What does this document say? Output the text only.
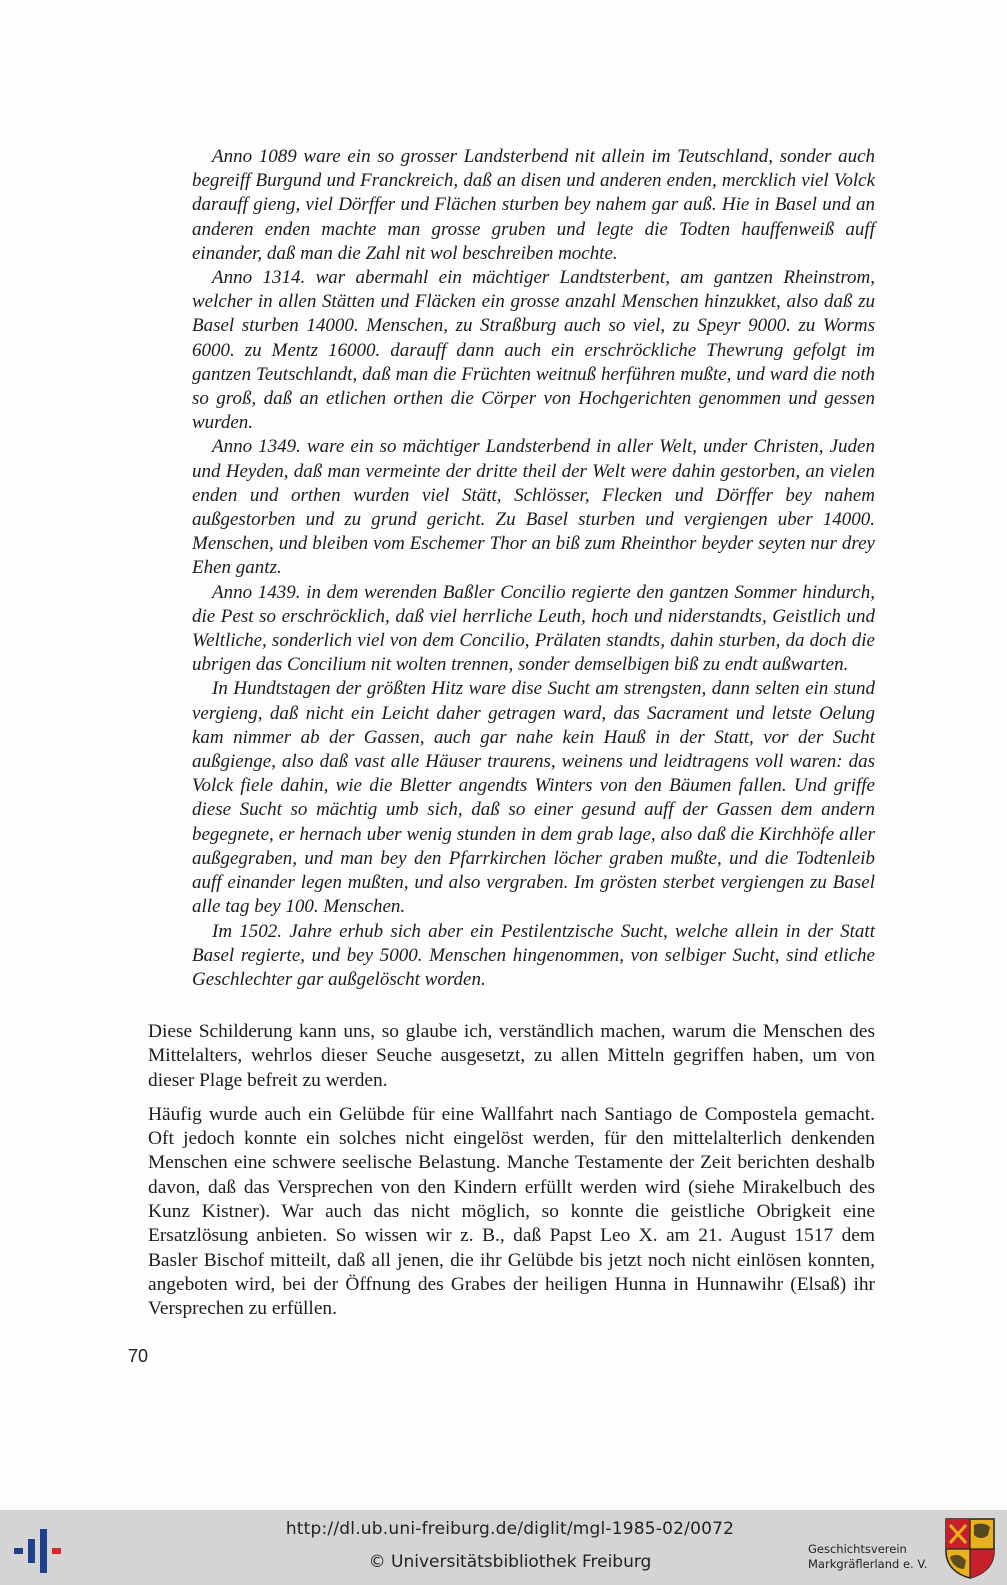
Anno 1089 ware ein so grosser Landsterbend nit allein im Teutschland, sonder auch begreiff Burgund und Franckreich, daß an disen und anderen enden, mercklich viel Volck darauff gieng, viel Dörffer und Flächen sturben bey nahem gar auß. Hie in Basel und an anderen enden machte man grosse gruben und legte die Todten hauffenweiß auff einander, daß man die Zahl nit wol beschreiben mochte.

Anno 1314. war abermahl ein mächtiger Landtsterbent, am gantzen Rheinstrom, welcher in allen Stätten und Fläcken ein grosse anzahl Menschen hinzukket, also daß zu Basel sturben 14000. Menschen, zu Straßburg auch so viel, zu Speyr 9000. zu Worms 6000. zu Mentz 16000. darauff dann auch ein erschröckliche Thewrung gefolgt im gantzen Teutschlandt, daß man die Früchten weitnuß herführen mußte, und ward die noth so groß, daß an etlichen orthen die Cörper von Hochgerichten genommen und gessen wurden.

Anno 1349. ware ein so mächtiger Landsterbend in aller Welt, under Christen, Juden und Heyden, daß man vermeinte der dritte theil der Welt were dahin gestorben, an vielen enden und orthen wurden viel Stätt, Schlösser, Flecken und Dörffer bey nahem außgestorben und zu grund gericht. Zu Basel sturben und vergiengen uber 14000. Menschen, und bleiben vom Eschemer Thor an biß zum Rheinthor beyder seyten nur drey Ehen gantz.

Anno 1439. in dem werenden Baßler Concilio regierte den gantzen Sommer hindurch, die Pest so erschröcklich, daß viel herrliche Leuth, hoch und niderstandts, Geistlich und Weltliche, sonderlich viel von dem Concilio, Prälaten standts, dahin sturben, da doch die ubrigen das Concilium nit wolten trennen, sonder demselbigen biß zu endt außwarten.

In Hundtstagen der größten Hitz ware dise Sucht am strengsten, dann selten ein stund vergieng, daß nicht ein Leicht daher getragen ward, das Sacrament und letste Oelung kam nimmer ab der Gassen, auch gar nahe kein Hauß in der Statt, vor der Sucht außgienge, also daß vast alle Häuser traurens, weinens und leidtragens voll waren: das Volck fiele dahin, wie die Bletter angendts Winters von den Bäumen fallen. Und griffe diese Sucht so mächtig umb sich, daß so einer gesund auff der Gassen dem andern begegnete, er hernach uber wenig stunden in dem grab lage, also daß die Kirchhöfe aller außgegraben, und man bey den Pfarrkirchen löcher graben mußte, und die Todtenleib auff einander legen mußten, und also vergraben. Im grösten sterbet vergiengen zu Basel alle tag bey 100. Menschen.

Im 1502. Jahre erhub sich aber ein Pestilentzische Sucht, welche allein in der Statt Basel regierte, und bey 5000. Menschen hingenommen, von selbiger Sucht, sind etliche Geschlechter gar außgelöscht worden.

Diese Schilderung kann uns, so glaube ich, verständlich machen, warum die Menschen des Mittelalters, wehrlos dieser Seuche ausgesetzt, zu allen Mitteln gegriffen haben, um von dieser Plage befreit zu werden.

Häufig wurde auch ein Gelübde für eine Wallfahrt nach Santiago de Compostela gemacht. Oft jedoch konnte ein solches nicht eingelöst werden, für den mittelalterlich denkenden Menschen eine schwere seelische Belastung. Manche Testamente der Zeit berichten deshalb davon, daß das Versprechen von den Kindern erfüllt werden wird (siehe Mirakelbuch des Kunz Kistner). War auch das nicht möglich, so konnte die geistliche Obrigkeit eine Ersatzlösung anbieten. So wissen wir z. B., daß Papst Leo X. am 21. August 1517 dem Basler Bischof mitteilt, daß all jenen, die ihr Gelübde bis jetzt noch nicht einlösen konnten, angeboten wird, bei der Öffnung des Grabes der heiligen Hunna in Hunnawihr (Elsaß) ihr Versprechen zu erfüllen.

70
http://dl.ub.uni-freiburg.de/diglit/mgl-1985-02/0072
© Universitätsbibliothek Freiburg
Geschichtsverein
Markgräflerland e. V.
